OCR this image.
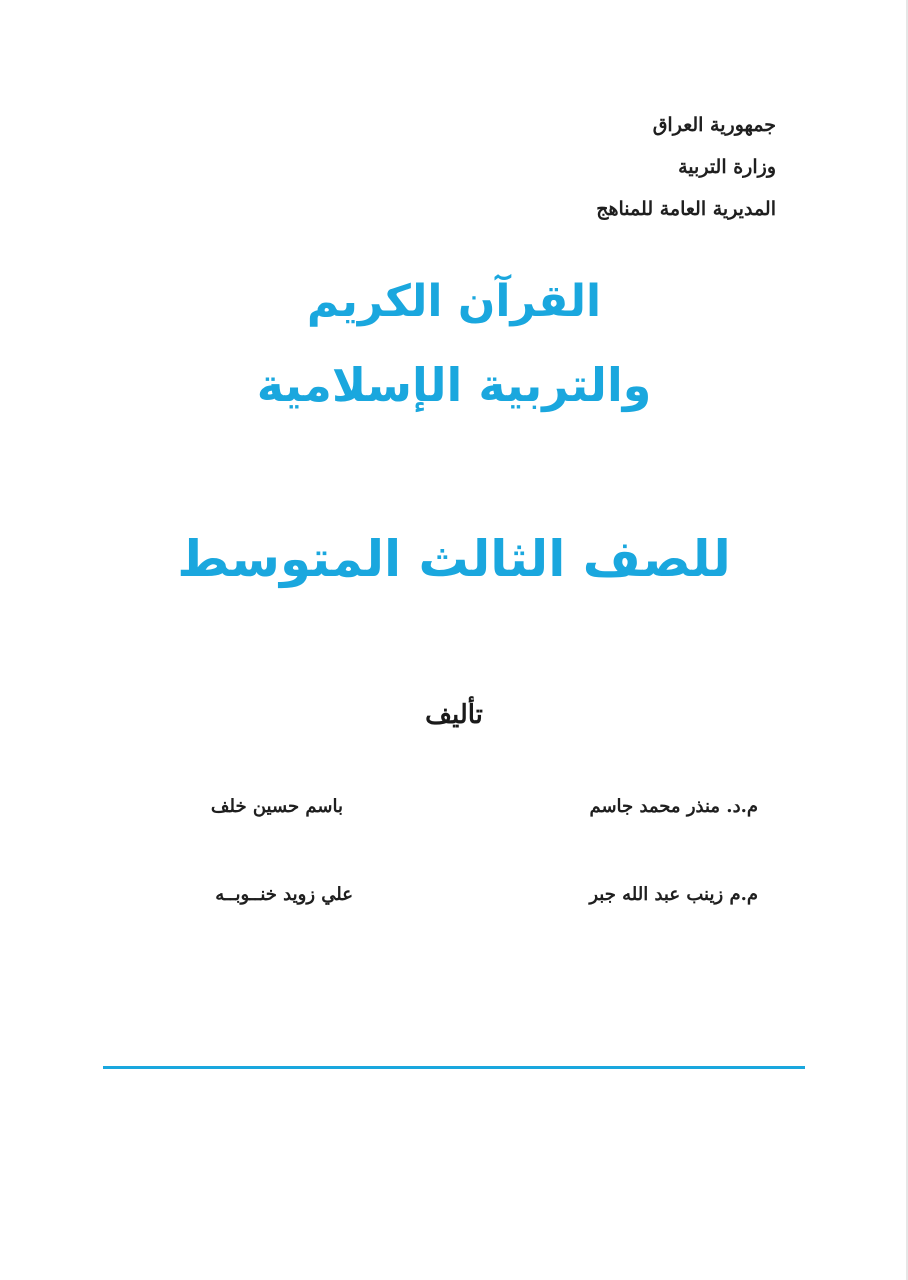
جمهورية العراق
وزارة التربية
المديرية العامة للمناهج
القرآن الكريم
والتربية الإسلامية
للصف الثالث المتوسط
تأليف
م.د. منذر محمد جاسم
باسم حسين خلف
م.م زينب عبد الله جبر
علي زويد خنــوبــه
